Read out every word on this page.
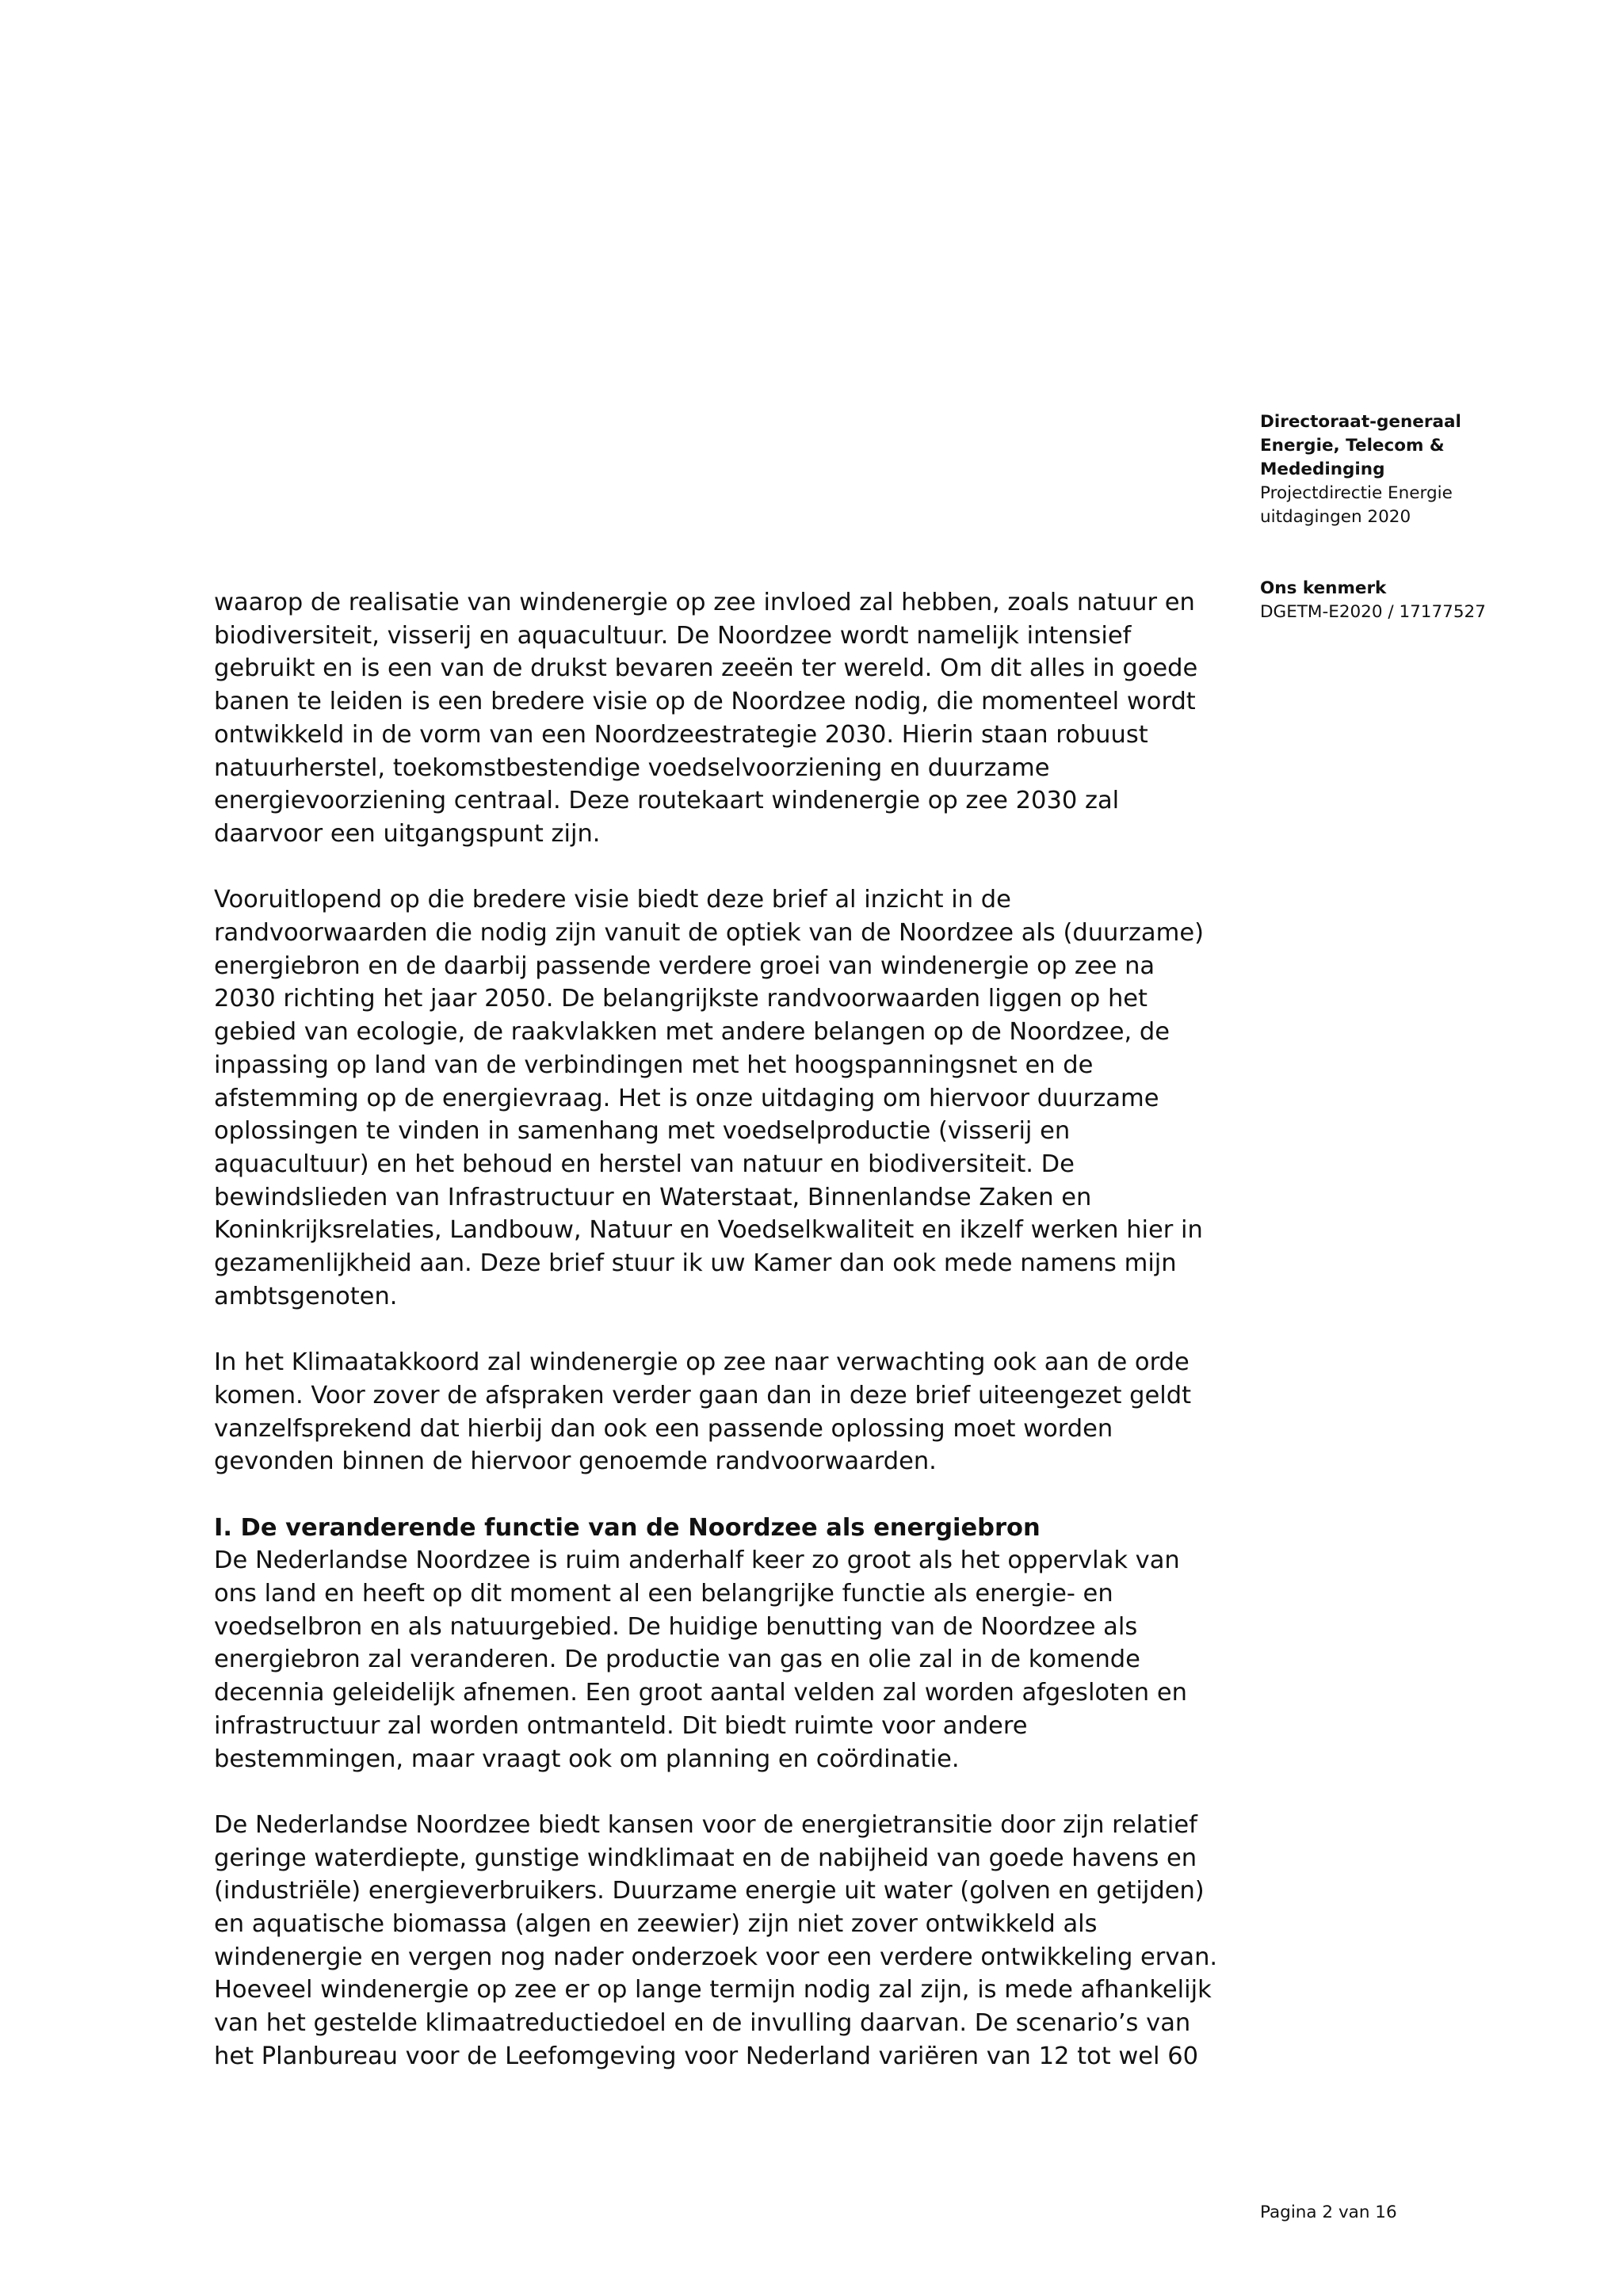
Directoraat-generaal
Energie, Telecom &
Mededinging
Projectdirectie Energie
uitdagingen 2020
Ons kenmerk
DGETM-E2020 / 17177527

waarop de realisatie van windenergie op zee invloed zal hebben, zoals natuur en
biodiversiteit, visserij en aquacultuur. De Noordzee wordt namelijk intensief
gebruikt en is een van de drukst bevaren zeeën ter wereld. Om dit alles in goede
banen te leiden is een bredere visie op de Noordzee nodig, die momenteel wordt
ontwikkeld in de vorm van een Noordzeestrategie 2030. Hierin staan robuust
natuurherstel, toekomstbestendige voedselvoorziening en duurzame
energievoorziening centraal. Deze routekaart windenergie op zee 2030 zal
daarvoor een uitgangspunt zijn.

Vooruitlopend op die bredere visie biedt deze brief al inzicht in de
randvoorwaarden die nodig zijn vanuit de optiek van de Noordzee als (duurzame)
energiebron en de daarbij passende verdere groei van windenergie op zee na
2030 richting het jaar 2050. De belangrijkste randvoorwaarden liggen op het
gebied van ecologie, de raakvlakken met andere belangen op de Noordzee, de
inpassing op land van de verbindingen met het hoogspanningsnet en de
afstemming op de energievraag. Het is onze uitdaging om hiervoor duurzame
oplossingen te vinden in samenhang met voedselproductie (visserij en
aquacultuur) en het behoud en herstel van natuur en biodiversiteit. De
bewindslieden van Infrastructuur en Waterstaat, Binnenlandse Zaken en
Koninkrijksrelaties, Landbouw, Natuur en Voedselkwaliteit en ikzelf werken hier in
gezamenlijkheid aan. Deze brief stuur ik uw Kamer dan ook mede namens mijn
ambtsgenoten.

In het Klimaatakkoord zal windenergie op zee naar verwachting ook aan de orde
komen. Voor zover de afspraken verder gaan dan in deze brief uiteengezet geldt
vanzelfsprekend dat hierbij dan ook een passende oplossing moet worden
gevonden binnen de hiervoor genoemde randvoorwaarden.

I. De veranderende functie van de Noordzee als energiebron

De Nederlandse Noordzee is ruim anderhalf keer zo groot als het oppervlak van
ons land en heeft op dit moment al een belangrijke functie als energie- en
voedselbron en als natuurgebied. De huidige benutting van de Noordzee als
energiebron zal veranderen. De productie van gas en olie zal in de komende
decennia geleidelijk afnemen. Een groot aantal velden zal worden afgesloten en
infrastructuur zal worden ontmanteld. Dit biedt ruimte voor andere
bestemmingen, maar vraagt ook om planning en coördinatie.

De Nederlandse Noordzee biedt kansen voor de energietransitie door zijn relatief
geringe waterdiepte, gunstige windklimaat en de nabijheid van goede havens en
(industriële) energieverbruikers. Duurzame energie uit water (golven en getijden)
en aquatische biomassa (algen en zeewier) zijn niet zover ontwikkeld als
windenergie en vergen nog nader onderzoek voor een verdere ontwikkeling ervan.
Hoeveel windenergie op zee er op lange termijn nodig zal zijn, is mede afhankelijk
van het gestelde klimaatreductiedoel en de invulling daarvan. De scenario’s van
het Planbureau voor de Leefomgeving voor Nederland variëren van 12 tot wel 60

Pagina 2 van 16
